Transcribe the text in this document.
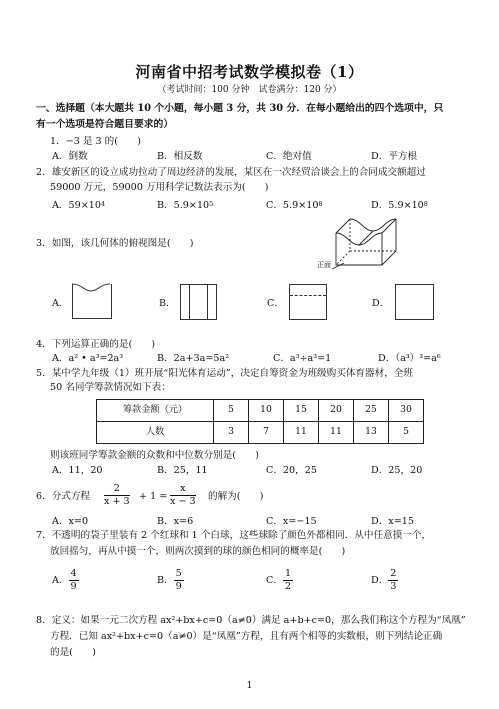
河南省中招考试数学模拟卷（1）
（考试时间：100 分钟　试卷满分：120 分）
一、选择题（本大题共 10 个小题，每小题 3 分，共 30 分．在每小题给出的四个选项中，只
有一个选项是符合题目要求的）
1．−3 是 3 的(　　)
A．倒数	B．相反数	C．绝对值	D．平方根
2．雄安新区的设立成功拉动了周边经济的发展，某区在一次经贸洽谈会上的合同成交额超过
59000 万元，59000 万用科学记数法表示为(　　)
A．$59\times 10^4$	B．$5.9\times 10^5$	C．$5.9\times 10^8$	D．$5.9\times 10^8$
3．如图，该几何体的俯视图是(　　)
正面
A．	B．	C．	D．
4．下列运算正确的是(　　)
A．a² • a³=2a³	B．2a+3a=5a²	C．a³÷a³=1	D．（a³）³=a⁶
5．某中学九年级（1）班开展“阳光体育运动”，决定自筹资金为班级购买体育器材，全班
50 名同学筹款情况如下表：
筹款金额（元）	5	10	15	20	25	30
人数	3	7	11	11	13	5
则该班同学筹款金额的众数和中位数分别是(　　)
A．11，20	B．25，11	C．20，25	D．25，20
6．分式方程 $\frac{2}{x + 3} + 1 = \frac{x}{x - 3}$ 的解为(　　)
A．x=0	B．x=6	C．x=−15	D．x=15
7．不透明的袋子里装有 2 个红球和 1 个白球，这些球除了颜色外都相同．从中任意摸一个，
放回摇匀，再从中摸一个，则两次摸到的球的颜色相同的概率是(　　)
A． $\frac{4}{9}$	B． $\frac{5}{9}$	C． $\frac{1}{2}$	D． $\frac{2}{3}$
8．定义：如果一元二次方程 ax²+bx+c=0（a≠0）满足 a+b+c=0，那么我们称这个方程为“凤凰”
方程．已知 ax²+bx+c=0（a≠0）是“凤凰”方程，且有两个相等的实数根，则下列结论正确
的是(　　)
1
